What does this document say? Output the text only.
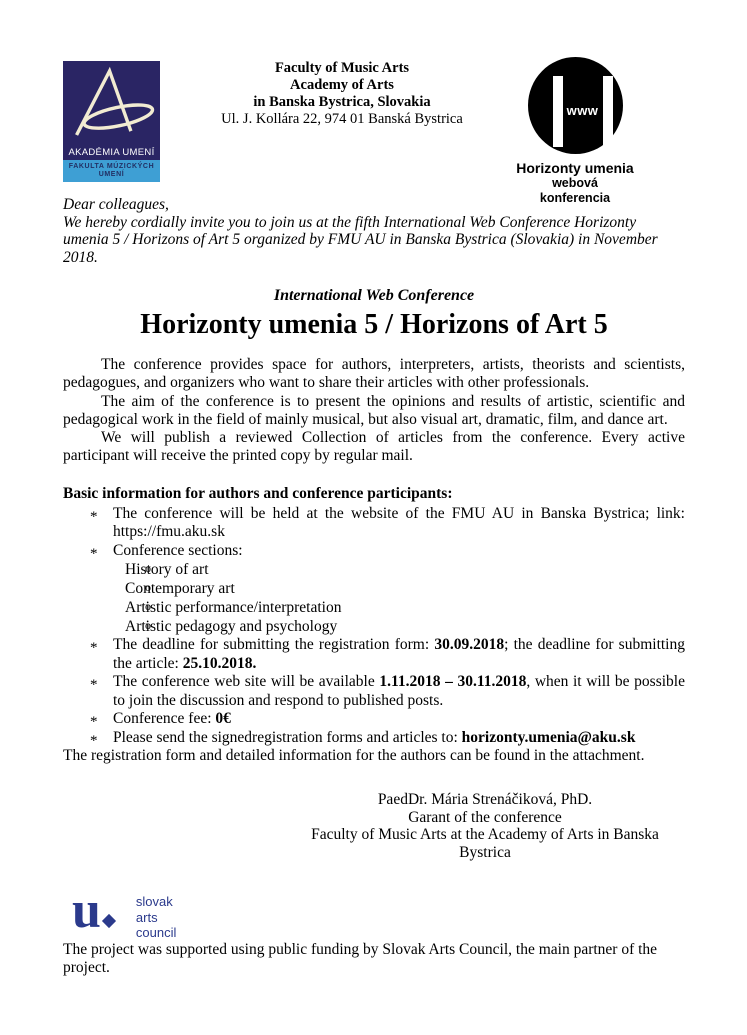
AKADÉMIA UMENÍ
FAKULTA MÚZICKÝCH
UMENÍ
Faculty of Music Arts
Academy of Arts
in Banska Bystrica, Slovakia
Ul. J. Kollára 22, 974 01 Banská Bystrica
www
Horizonty umenia
webová konferencia

Dear colleagues,
We hereby cordially invite you to join us at the fifth International Web Conference Horizonty umenia 5 / Horizons of Art 5 organized by FMU AU in Banska Bystrica (Slovakia) in November 2018.

International Web Conference
Horizonty umenia 5 / Horizons of Art 5

The conference provides space for authors, interpreters, artists, theorists and scientists, pedagogues, and organizers who want to share their articles with other professionals.

The aim of the conference is to present the opinions and results of artistic, scientific and pedagogical work in the field of mainly musical, but also visual art, dramatic, film, and dance art.

We will publish a reviewed Collection of articles from the conference. Every active participant will receive the printed copy by regular mail.

Basic information for authors and conference participants:
* The conference will be held at the website of the FMU AU in Banska Bystrica; link: https://fmu.aku.sk
* Conference sections:
o History of art
o Contemporary art
o Artistic performance/interpretation
o Artistic pedagogy and psychology
* The deadline for submitting the registration form: 30.09.2018; the deadline for submitting the article: 25.10.2018.
* The conference web site will be available 1.11.2018 – 30.11.2018, when it will be possible to join the discussion and respond to published posts.
* Conference fee: 0€
* Please send the signedregistration forms and articles to: horizonty.umenia@aku.sk

The registration form and detailed information for the authors can be found in the attachment.

PaedDr. Mária Strenáčiková, PhD.
Garant of the conference
Faculty of Music Arts at the Academy of Arts in Banska Bystrica
u	slovak
arts
council

The project was supported using public funding by Slovak Arts Council, the main partner of the project.
